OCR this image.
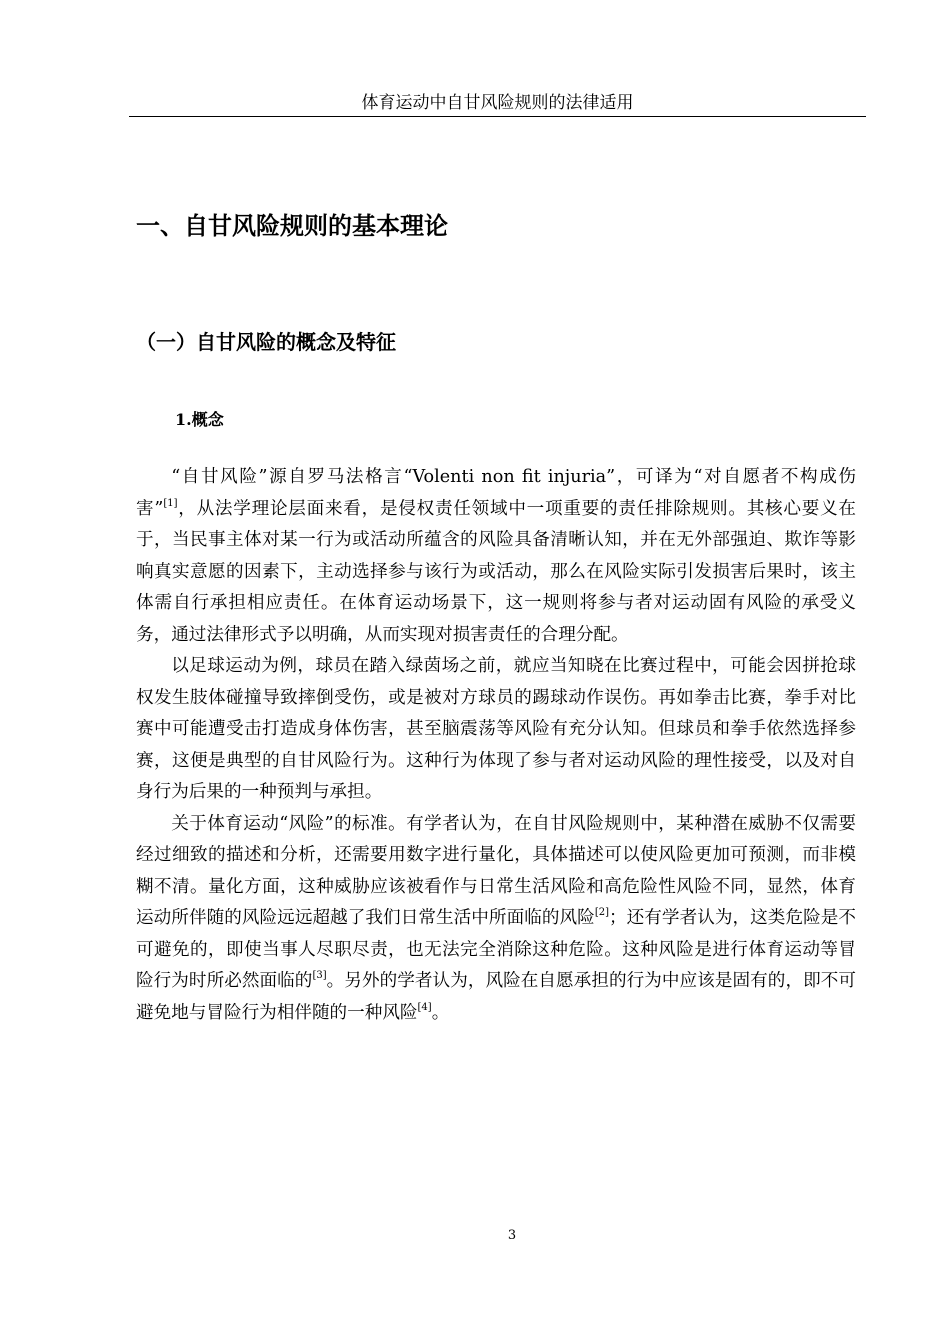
体育运动中自甘风险规则的法律适用
一、自甘风险规则的基本理论
（一）自甘风险的概念及特征
1.概念

“自甘风险”源自罗马法格言“Volenti non fit injuria”，可译为“对自愿者不构成伤害”[1]，从法学理论层面来看，是侵权责任领域中一项重要的责任排除规则。其核心要义在于，当民事主体对某一行为或活动所蕴含的风险具备清晰认知，并在无外部强迫、欺诈等影响真实意愿的因素下，主动选择参与该行为或活动，那么在风险实际引发损害后果时，该主体需自行承担相应责任。在体育运动场景下，这一规则将参与者对运动固有风险的承受义务，通过法律形式予以明确，从而实现对损害责任的合理分配。

以足球运动为例，球员在踏入绿茵场之前，就应当知晓在比赛过程中，可能会因拼抢球权发生肢体碰撞导致摔倒受伤，或是被对方球员的踢球动作误伤。再如拳击比赛，拳手对比赛中可能遭受击打造成身体伤害，甚至脑震荡等风险有充分认知。但球员和拳手依然选择参赛，这便是典型的自甘风险行为。这种行为体现了参与者对运动风险的理性接受，以及对自身行为后果的一种预判与承担。

关于体育运动“风险”的标准。有学者认为，在自甘风险规则中，某种潜在威胁不仅需要经过细致的描述和分析，还需要用数字进行量化，具体描述可以使风险更加可预测，而非模糊不清。量化方面，这种威胁应该被看作与日常生活风险和高危险性风险不同，显然，体育运动所伴随的风险远远超越了我们日常生活中所面临的风险[2]；还有学者认为，这类危险是不可避免的，即使当事人尽职尽责，也无法完全消除这种危险。这种风险是进行体育运动等冒险行为时所必然面临的[3]。另外的学者认为，风险在自愿承担的行为中应该是固有的，即不可避免地与冒险行为相伴随的一种风险[4]。

3
